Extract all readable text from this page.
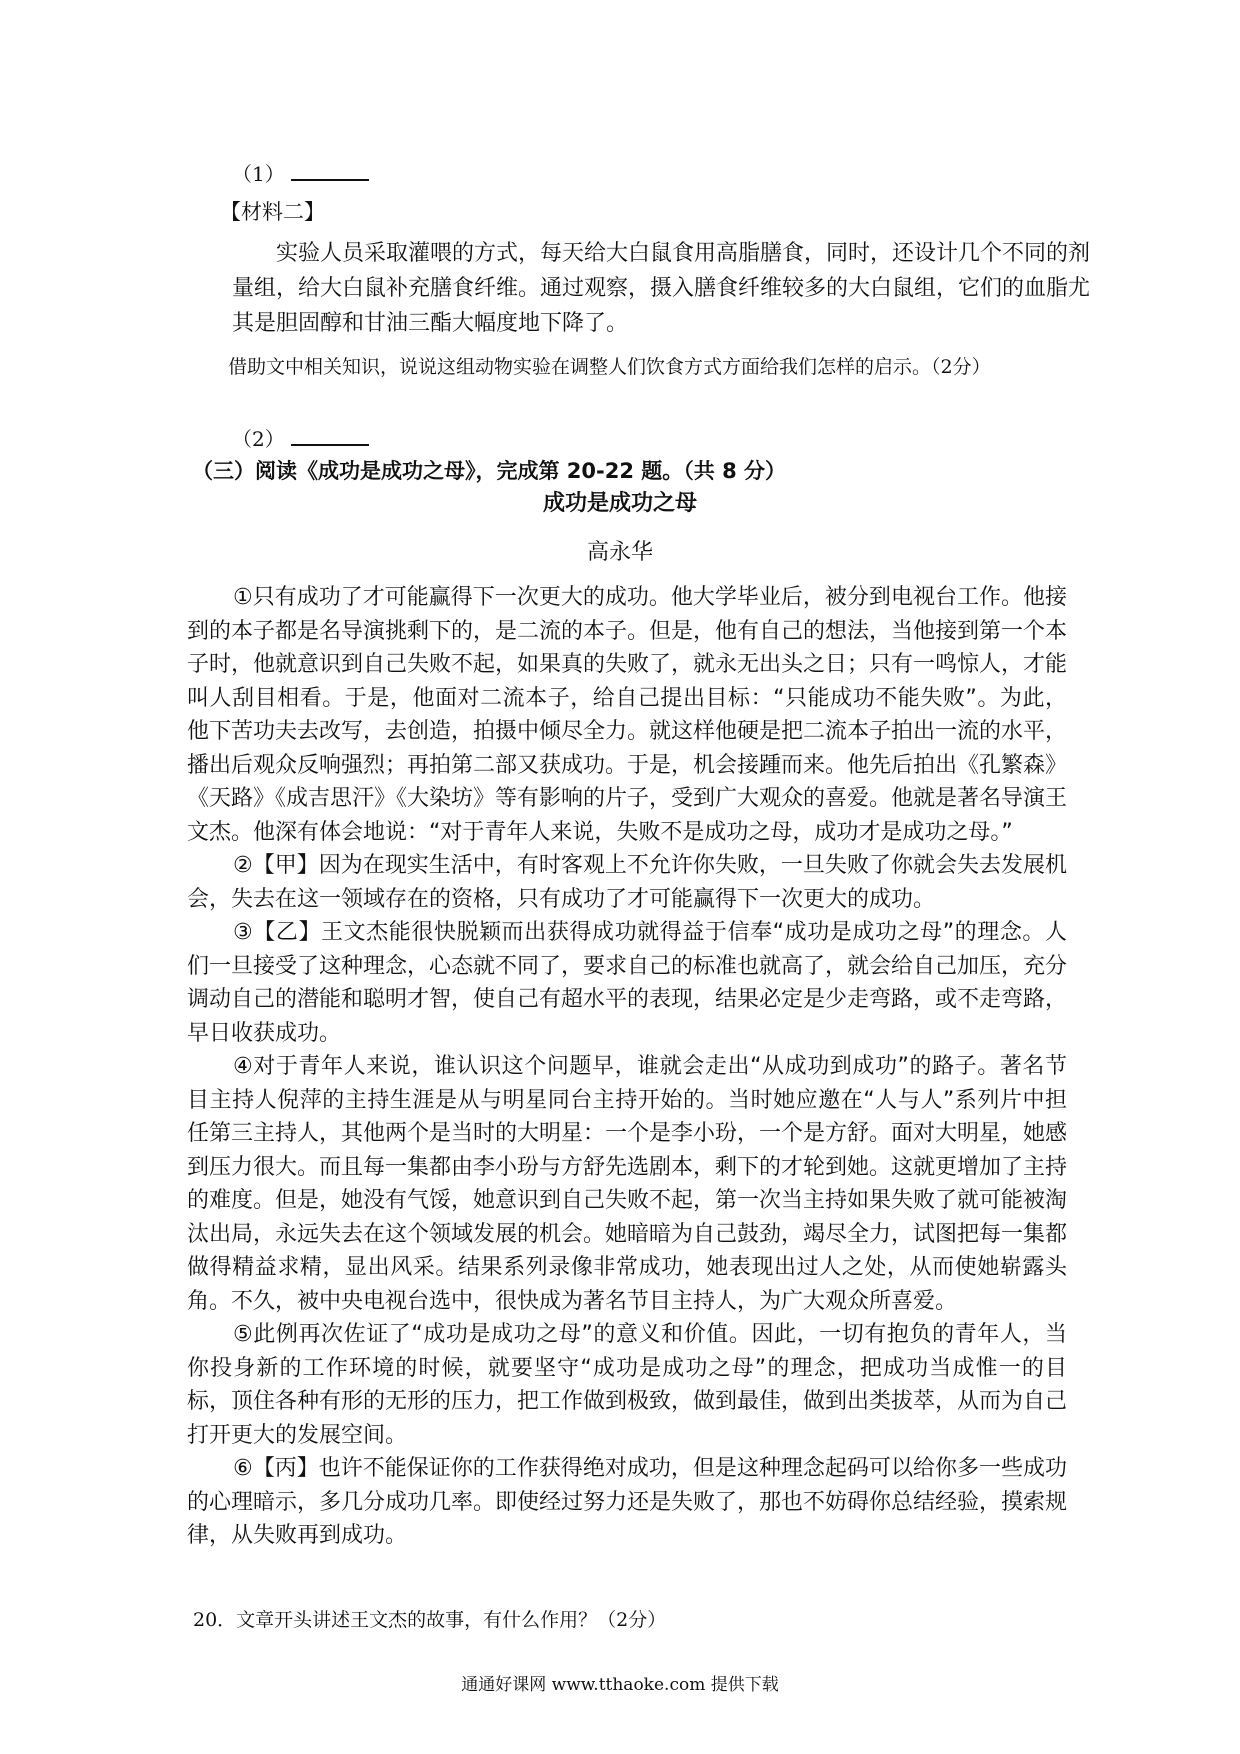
（1）
【材料二】

实验人员采取灌喂的方式，每天给大白鼠食用高脂膳食，同时，还设计几个不同的剂量组，给大白鼠补充膳食纤维。通过观察，摄入膳食纤维较多的大白鼠组，它们的血脂尤其是胆固醇和甘油三酯大幅度地下降了。

借助文中相关知识，说说这组动物实验在调整人们饮食方式方面给我们怎样的启示。（2分）

（2）
（三）阅读《成功是成功之母》，完成第 20-22 题。（共 8 分）
成功是成功之母
高永华

①只有成功了才可能赢得下一次更大的成功。他大学毕业后，被分到电视台工作。他接到的本子都是名导演挑剩下的，是二流的本子。但是，他有自己的想法，当他接到第一个本子时，他就意识到自己失败不起，如果真的失败了，就永无出头之日；只有一鸣惊人，才能叫人刮目相看。于是，他面对二流本子，给自己提出目标：“只能成功不能失败”。为此，他下苦功夫去改写，去创造，拍摄中倾尽全力。就这样他硬是把二流本子拍出一流的水平，播出后观众反响强烈；再拍第二部又获成功。于是，机会接踵而来。他先后拍出《孔繁森》《天路》《成吉思汗》《大染坊》等有影响的片子，受到广大观众的喜爱。他就是著名导演王文杰。他深有体会地说：“对于青年人来说，失败不是成功之母，成功才是成功之母。”

②【甲】因为在现实生活中，有时客观上不允许你失败，一旦失败了你就会失去发展机会，失去在这一领域存在的资格，只有成功了才可能赢得下一次更大的成功。

③【乙】王文杰能很快脱颖而出获得成功就得益于信奉“成功是成功之母”的理念。人们一旦接受了这种理念，心态就不同了，要求自己的标准也就高了，就会给自己加压，充分调动自己的潜能和聪明才智，使自己有超水平的表现，结果必定是少走弯路，或不走弯路，早日收获成功。

④对于青年人来说，谁认识这个问题早，谁就会走出“从成功到成功”的路子。著名节目主持人倪萍的主持生涯是从与明星同台主持开始的。当时她应邀在“人与人”系列片中担任第三主持人，其他两个是当时的大明星：一个是李小玢，一个是方舒。面对大明星，她感到压力很大。而且每一集都由李小玢与方舒先选剧本，剩下的才轮到她。这就更增加了主持的难度。但是，她没有气馁，她意识到自己失败不起，第一次当主持如果失败了就可能被淘汰出局，永远失去在这个领域发展的机会。她暗暗为自己鼓劲，竭尽全力，试图把每一集都做得精益求精，显出风采。结果系列录像非常成功，她表现出过人之处，从而使她崭露头角。不久，被中央电视台选中，很快成为著名节目主持人，为广大观众所喜爱。

⑤此例再次佐证了“成功是成功之母”的意义和价值。因此，一切有抱负的青年人，当你投身新的工作环境的时候，就要坚守“成功是成功之母”的理念，把成功当成惟一的目标，顶住各种有形的无形的压力，把工作做到极致，做到最佳，做到出类拔萃，从而为自己打开更大的发展空间。

⑥【丙】也许不能保证你的工作获得绝对成功，但是这种理念起码可以给你多一些成功的心理暗示，多几分成功几率。即使经过努力还是失败了，那也不妨碍你总结经验，摸索规律，从失败再到成功。

20．文章开头讲述王文杰的故事，有什么作用？（2分）
通通好课网 www.tthaoke.com 提供下载
